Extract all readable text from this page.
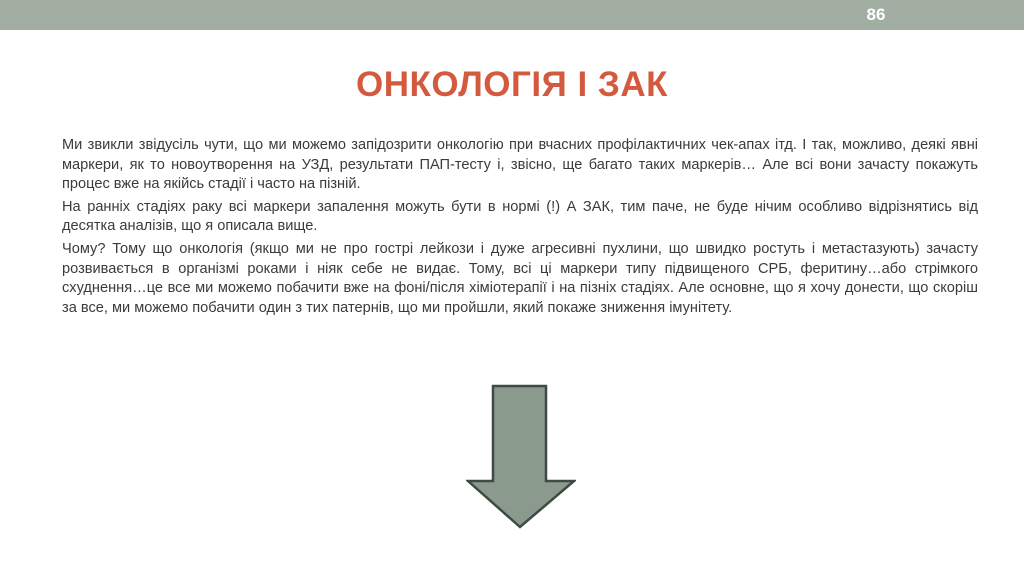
86
ОНКОЛОГІЯ І ЗАК

Ми звикли звідусіль чути, що ми можемо запідозрити онкологію при вчасних профілактичних чек-апах ітд. І так, можливо, деякі явні маркери, як то новоутворення на УЗД, результати ПАП-тесту і, звісно, ще багато таких маркерів… Але всі вони зачасту покажуть процес вже на якійсь стадії і часто на пізній.

На ранніх стадіях раку всі маркери запалення можуть бути в нормі (!) А ЗАК, тим паче, не буде нічим особливо відрізнятись від десятка аналізів, що я описала вище.

Чому? Тому що онкологія (якщо ми не про гострі лейкози і дуже агресивні пухлини, що швидко ростуть і метастазують) зачасту розвивається в організмі роками і ніяк себе не видає. Тому, всі ці маркери типу підвищеного СРБ, феритину…або стрімкого схуднення…це все ми можемо побачити вже на фоні/після хіміотерапії і на пізніх стадіях. Але основне, що я хочу донести, що скоріш за все, ми можемо побачити один з тих патернів, що ми пройшли, який покаже зниження імунітету.
